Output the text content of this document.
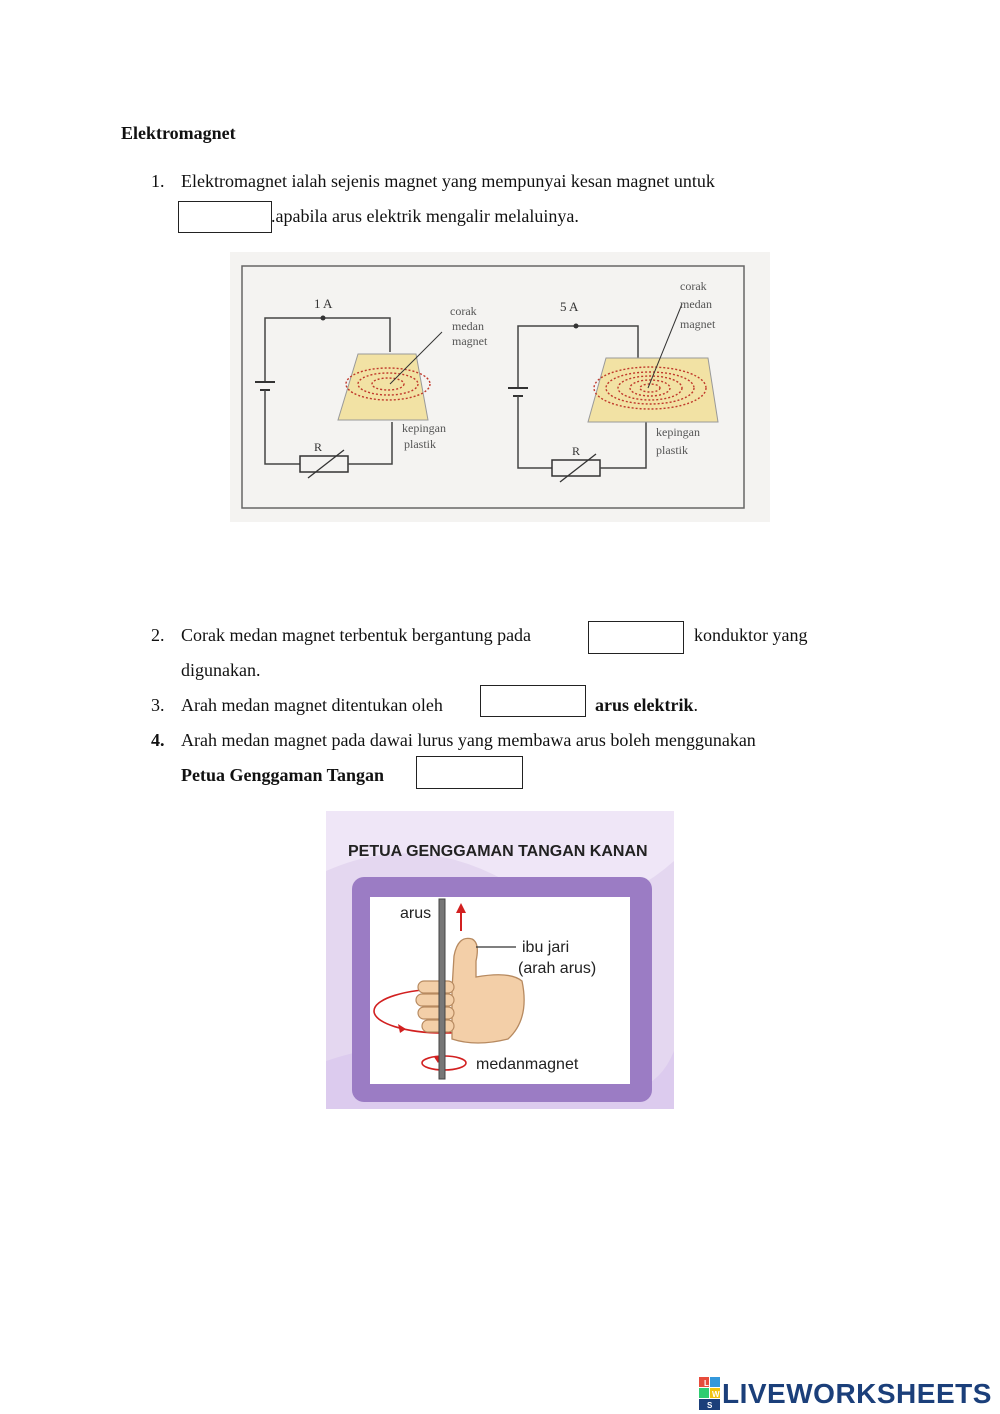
Elektromagnet
1. Elektromagnet ialah sejenis magnet yang mempunyai kesan magnet untuk
.apabila arus elektrik mengalir melaluinya.
1 A	corak
medan
magnet
kepingan
plastik
R
5 A
corak
medan
magnet
kepingan
plastik
R
2. Corak medan magnet terbentuk bergantung pada	konduktor yang
digunakan.
3. Arah medan magnet ditentukan oleh	arus elektrik.
4. Arah medan magnet pada dawai lurus yang membawa arus boleh menggunakan
Petua Genggaman Tangan
PETUA GENGGAMAN TANGAN KANAN
arus
ibu jari
(arah arus)
medanmagnet
L
W
S LIVEWORKSHEETS
